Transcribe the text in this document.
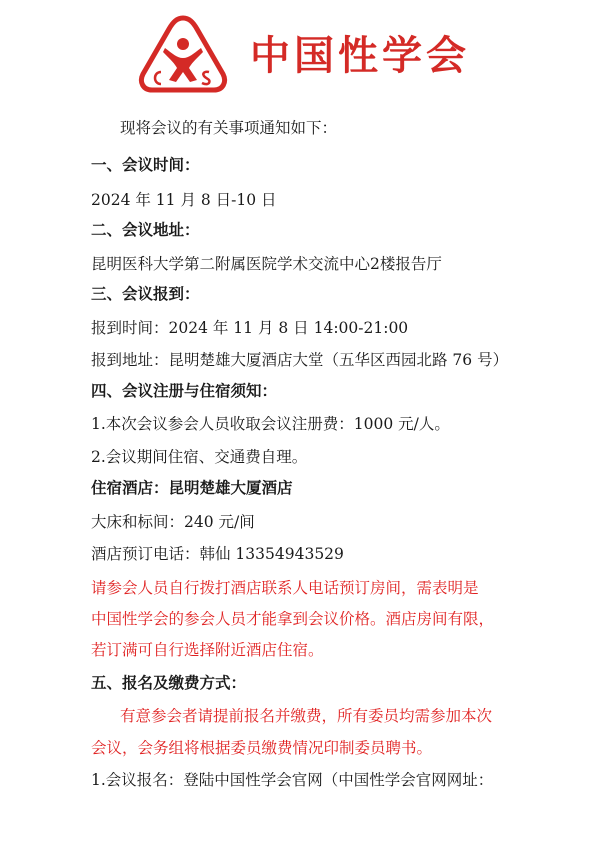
中国性学会
现将会议的有关事项通知如下：
一、会议时间：
2024 年 11 月 8 日-10 日
二、会议地址：
昆明医科大学第二附属医院学术交流中心2楼报告厅
三、会议报到：
报到时间：2024 年 11 月 8 日 14:00-21:00
报到地址：昆明楚雄大厦酒店大堂（五华区西园北路 76 号）
四、会议注册与住宿须知：
1.本次会议参会人员收取会议注册费：1000 元/人。
2.会议期间住宿、交通费自理。
住宿酒店：昆明楚雄大厦酒店
大床和标间：240 元/间
酒店预订电话：韩仙 13354943529
请参会人员自行拨打酒店联系人电话预订房间，需表明是
中国性学会的参会人员才能拿到会议价格。酒店房间有限，
若订满可自行选择附近酒店住宿。
五、报名及缴费方式：
有意参会者请提前报名并缴费，所有委员均需参加本次
会议，会务组将根据委员缴费情况印制委员聘书。
1.会议报名：登陆中国性学会官网（中国性学会官网网址：
